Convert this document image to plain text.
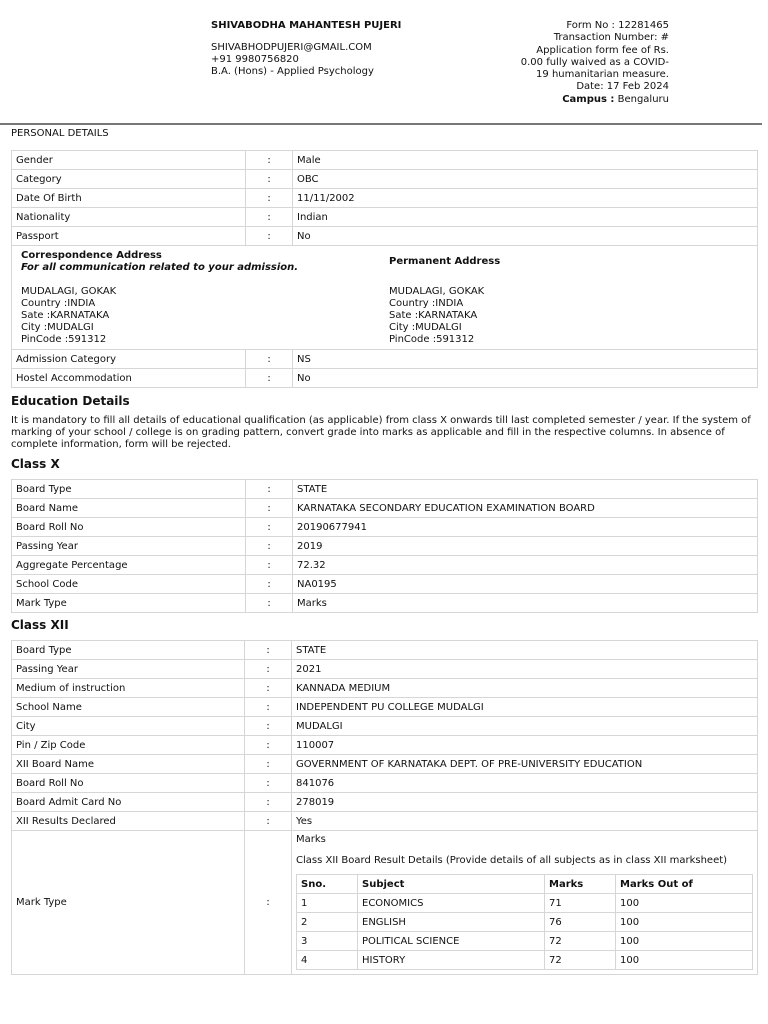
SHIVABODHA MAHANTESH PUJERI
SHIVABHODPUJERI@GMAIL.COM
+91 9980756820
B.A. (Hons) - Applied Psychology
Form No : 12281465
Transaction Number: #
Application form fee of Rs.
0.00 fully waived as a COVID-
19 humanitarian measure.
Date: 17 Feb 2024
Campus : Bengaluru
PERSONAL DETAILS
Gender	:	Male
Category	:	OBC
Date Of Birth	:	11/11/2002
Nationality	:	Indian
Passport	:	No
Correspondence Address
For all communication related to your admission.
MUDALAGI, GOKAK
Country :INDIA
Sate :KARNATAKA
City :MUDALGI
PinCode :591312
Permanent Address
MUDALAGI, GOKAK
Country :INDIA
Sate :KARNATAKA
City :MUDALGI
PinCode :591312
Admission Category	:	NS
Hostel Accommodation	:	No
Education Details
It is mandatory to fill all details of educational qualification (as applicable) from class X onwards till last completed semester / year. If the system of marking of your school / college is on grading pattern, convert grade into marks as applicable and fill in the respective columns. In absence of complete information, form will be rejected.
Class X
Board Type	:	STATE
Board Name	:	KARNATAKA SECONDARY EDUCATION EXAMINATION BOARD
Board Roll No	:	20190677941
Passing Year	:	2019
Aggregate Percentage	:	72.32
School Code	:	NA0195
Mark Type	:	Marks
Class XII
Board Type	:	STATE
Passing Year	:	2021
Medium of instruction	:	KANNADA MEDIUM
School Name	:	INDEPENDENT PU COLLEGE MUDALGI
City	:	MUDALGI
Pin / Zip Code	:	110007
XII Board Name	:	GOVERNMENT OF KARNATAKA DEPT. OF PRE-UNIVERSITY EDUCATION
Board Roll No	:	841076
Board Admit Card No	:	278019
XII Results Declared	:	Yes
Mark Type	:	
Marks
Class XII Board Result Details (Provide details of all subjects as in class XII marksheet)
Sno.	Subject	Marks	Marks Out of
1	ECONOMICS	71	100
2	ENGLISH	76	100
3	POLITICAL SCIENCE	72	100
4	HISTORY	72	100
